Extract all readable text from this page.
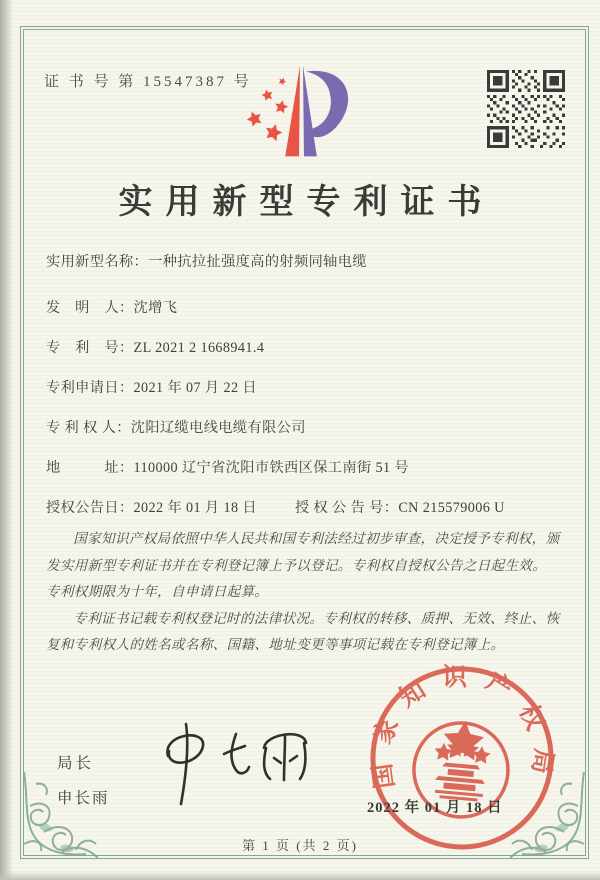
证 书 号 第 15547387 号
实用新型专利证书
实用新型名称：一种抗拉扯强度高的射频同轴电缆
发　明　人：沈增飞
专　利　号：ZL 2021 2 1668941.4
专利申请日：2021 年 07 月 22 日
专 利 权 人：沈阳辽缆电线电缆有限公司
地　　　址：110000 辽宁省沈阳市铁西区保工南街 51 号
授权公告日：2022 年 01 月 18 日	授 权 公 告 号：CN 215579006 U

国家知识产权局依照中华人民共和国专利法经过初步审查，决定授予专利权，颁发实用新型专利证书并在专利登记簿上予以登记。专利权自授权公告之日起生效。专利权期限为十年，自申请日起算。

专利证书记载专利权登记时的法律状况。专利权的转移、质押、无效、终止、恢复和专利权人的姓名或名称、国籍、地址变更等事项记载在专利登记簿上。

局长
申长雨
国家知识产权局
2022 年 01 月 18 日
第 1 页 (共 2 页)
